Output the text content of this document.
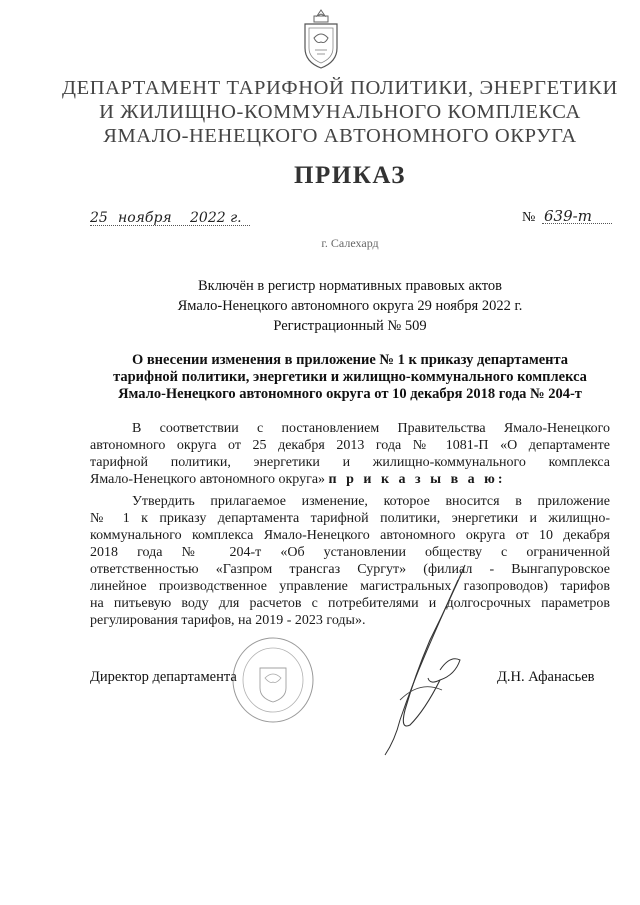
ДЕПАРТАМЕНТ ТАРИФНОЙ ПОЛИТИКИ, ЭНЕРГЕТИКИ
И ЖИЛИЩНО-КОММУНАЛЬНОГО КОМПЛЕКСА
ЯМАЛО-НЕНЕЦКОГО АВТОНОМНОГО ОКРУГА
ПРИКАЗ
25 ноября 2022 г.	№ 639-т
г. Салехард
Включён в регистр нормативных правовых актов
Ямало-Ненецкого автономного округа 29 ноября 2022 г.
Регистрационный № 509
О внесении изменения в приложение № 1 к приказу департамента
тарифной политики, энергетики и жилищно-коммунального комплекса
Ямало-Ненецкого автономного округа от 10 декабря 2018 года № 204-т
В соответствии с постановлением Правительства Ямало-Ненецкого
автономного округа от 25 декабря 2013 года № 1081-П «О департаменте
тарифной политики, энергетики и жилищно-коммунального комплекса
Ямало-Ненецкого автономного округа» п р и к а з ы в а ю:
Утвердить прилагаемое изменение, которое вносится в приложение
№ 1 к приказу департамента тарифной политики, энергетики и жилищно-
коммунального комплекса Ямало-Ненецкого автономного округа от 10 декабря
2018 года № 204-т «Об установлении обществу с ограниченной
ответственностью «Газпром трансгаз Сургут» (филиал - Вынгапуровское
линейное производственное управление магистральных газопроводов) тарифов
на питьевую воду для расчетов с потребителями и долгосрочных параметров
регулирования тарифов, на 2019 - 2023 годы».
Директор департамента	Д.Н. Афанасьев
